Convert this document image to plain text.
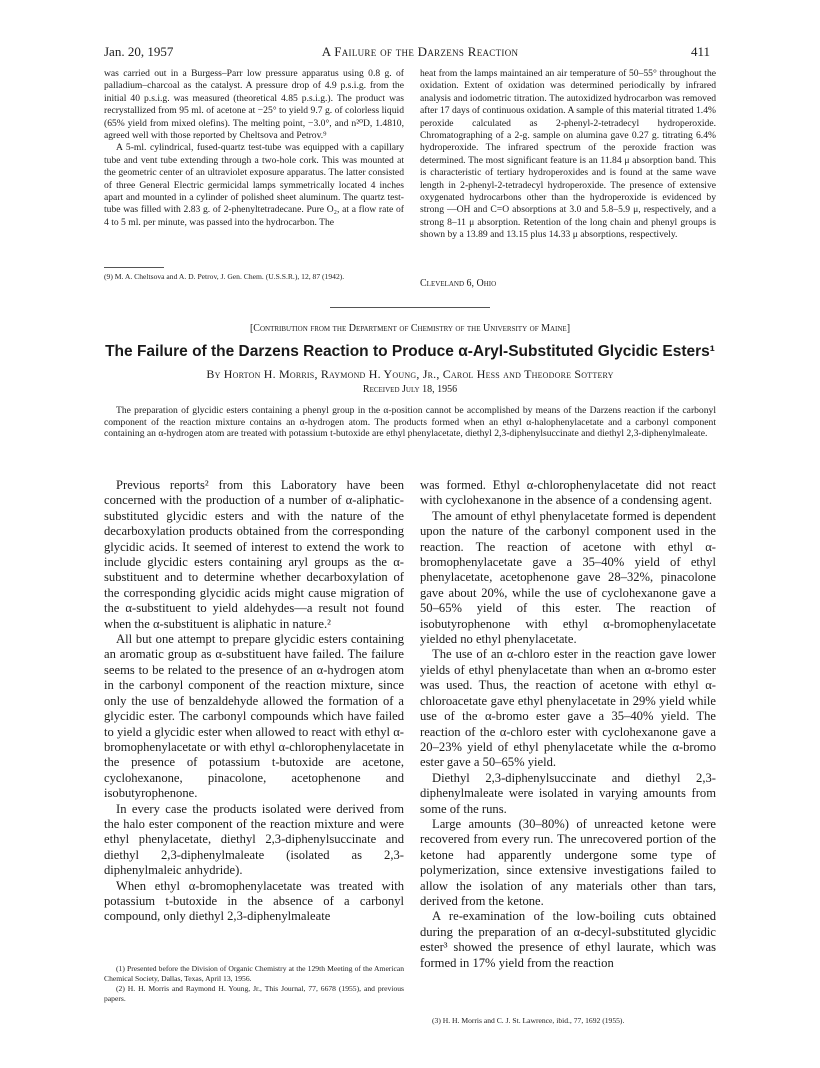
Jan. 20, 1957	A Failure of the Darzens Reaction	411

was carried out in a Burgess–Parr low pressure apparatus using 0.8 g. of palladium–charcoal as the catalyst. A pressure drop of 4.9 p.s.i.g. from the initial 40 p.s.i.g. was measured (theoretical 4.85 p.s.i.g.). The product was recrystallized from 95 ml. of acetone at −25° to yield 9.7 g. of colorless liquid (65% yield from mixed olefins). The melting point, −3.0°, and n²⁰D, 1.4810, agreed well with those reported by Cheltsova and Petrov.⁹

A 5-ml. cylindrical, fused-quartz test-tube was equipped with a capillary tube and vent tube extending through a two-hole cork. This was mounted at the geometric center of an ultraviolet exposure apparatus. The latter consisted of three General Electric germicidal lamps symmetrically located 4 inches apart and mounted in a cylinder of polished sheet aluminum. The quartz test-tube was filled with 2.83 g. of 2-phenyltetradecane. Pure O₂, at a flow rate of 4 to 5 ml. per minute, was passed into the hydrocarbon. The

(9) M. A. Cheltsova and A. D. Petrov, J. Gen. Chem. (U.S.S.R.), 12, 87 (1942).

heat from the lamps maintained an air temperature of 50–55° throughout the oxidation. Extent of oxidation was determined periodically by infrared analysis and iodometric titration. The autoxidized hydrocarbon was removed after 17 days of continuous oxidation. A sample of this material titrated 1.4% peroxide calculated as 2-phenyl-2-tetradecyl hydroperoxide. Chromatographing of a 2-g. sample on alumina gave 0.27 g. titrating 6.4% hydroperoxide. The infrared spectrum of the peroxide fraction was determined. The most significant feature is an 11.84 μ absorption band. This is characteristic of tertiary hydroperoxides and is found at the same wave length in 2-phenyl-2-tetradecyl hydroperoxide. The presence of extensive oxygenated hydrocarbons other than the hydroperoxide is evidenced by strong —OH and C=O absorptions at 3.0 and 5.8–5.9 μ, respectively, and a strong 8–11 μ absorption. Retention of the long chain and phenyl groups is shown by a 13.89 and 13.15 plus 14.33 μ absorptions, respectively.

Cleveland 6, Ohio
[Contribution from the Department of Chemistry of the University of Maine]
The Failure of the Darzens Reaction to Produce α-Aryl-Substituted Glycidic Esters¹
By Horton H. Morris, Raymond H. Young, Jr., Carol Hess and Theodore Sottery
Received July 18, 1956
The preparation of glycidic esters containing a phenyl group in the α-position cannot be accomplished by means of the Darzens reaction if the carbonyl component of the reaction mixture contains an α-hydrogen atom. The products formed when an ethyl α-halophenylacetate and a carbonyl component containing an α-hydrogen atom are treated with potassium t-butoxide are ethyl phenylacetate, diethyl 2,3-diphenylsuccinate and diethyl 2,3-diphenylmaleate.

Previous reports² from this Laboratory have been concerned with the production of a number of α-aliphatic-substituted glycidic esters and with the nature of the decarboxylation products obtained from the corresponding glycidic acids. It seemed of interest to extend the work to include glycidic esters containing aryl groups as the α-substituent and to determine whether decarboxylation of the corresponding glycidic acids might cause migration of the α-substituent to yield aldehydes—a result not found when the α-substituent is aliphatic in nature.²

All but one attempt to prepare glycidic esters containing an aromatic group as α-substituent have failed. The failure seems to be related to the presence of an α-hydrogen atom in the carbonyl component of the reaction mixture, since only the use of benzaldehyde allowed the formation of a glycidic ester. The carbonyl compounds which have failed to yield a glycidic ester when allowed to react with ethyl α-bromophenylacetate or with ethyl α-chlorophenylacetate in the presence of potassium t-butoxide are acetone, cyclohexanone, pinacolone, acetophenone and isobutyrophenone.

In every case the products isolated were derived from the halo ester component of the reaction mixture and were ethyl phenylacetate, diethyl 2,3-diphenylsuccinate and diethyl 2,3-diphenylmaleate (isolated as 2,3-diphenylmaleic anhydride).

When ethyl α-bromophenylacetate was treated with potassium t-butoxide in the absence of a carbonyl compound, only diethyl 2,3-diphenylmaleate

(1) Presented before the Division of Organic Chemistry at the 129th Meeting of the American Chemical Society, Dallas, Texas, April 13, 1956.

(2) H. H. Morris and Raymond H. Young, Jr., This Journal, 77, 6678 (1955), and previous papers.

was formed. Ethyl α-chlorophenylacetate did not react with cyclohexanone in the absence of a condensing agent.

The amount of ethyl phenylacetate formed is dependent upon the nature of the carbonyl component used in the reaction. The reaction of acetone with ethyl α-bromophenylacetate gave a 35–40% yield of ethyl phenylacetate, acetophenone gave 28–32%, pinacolone gave about 20%, while the use of cyclohexanone gave a 50–65% yield of this ester. The reaction of isobutyrophenone with ethyl α-bromophenylacetate yielded no ethyl phenylacetate.

The use of an α-chloro ester in the reaction gave lower yields of ethyl phenylacetate than when an α-bromo ester was used. Thus, the reaction of acetone with ethyl α-chloroacetate gave ethyl phenylacetate in 29% yield while use of the α-bromo ester gave a 35–40% yield. The reaction of the α-chloro ester with cyclohexanone gave a 20–23% yield of ethyl phenylacetate while the α-bromo ester gave a 50–65% yield.

Diethyl 2,3-diphenylsuccinate and diethyl 2,3-diphenylmaleate were isolated in varying amounts from some of the runs.

Large amounts (30–80%) of unreacted ketone were recovered from every run. The unrecovered portion of the ketone had apparently undergone some type of polymerization, since extensive investigations failed to allow the isolation of any materials other than tars, derived from the ketone.

A re-examination of the low-boiling cuts obtained during the preparation of an α-decyl-substituted glycidic ester³ showed the presence of ethyl laurate, which was formed in 17% yield from the reaction

(3) H. H. Morris and C. J. St. Lawrence, ibid., 77, 1692 (1955).
